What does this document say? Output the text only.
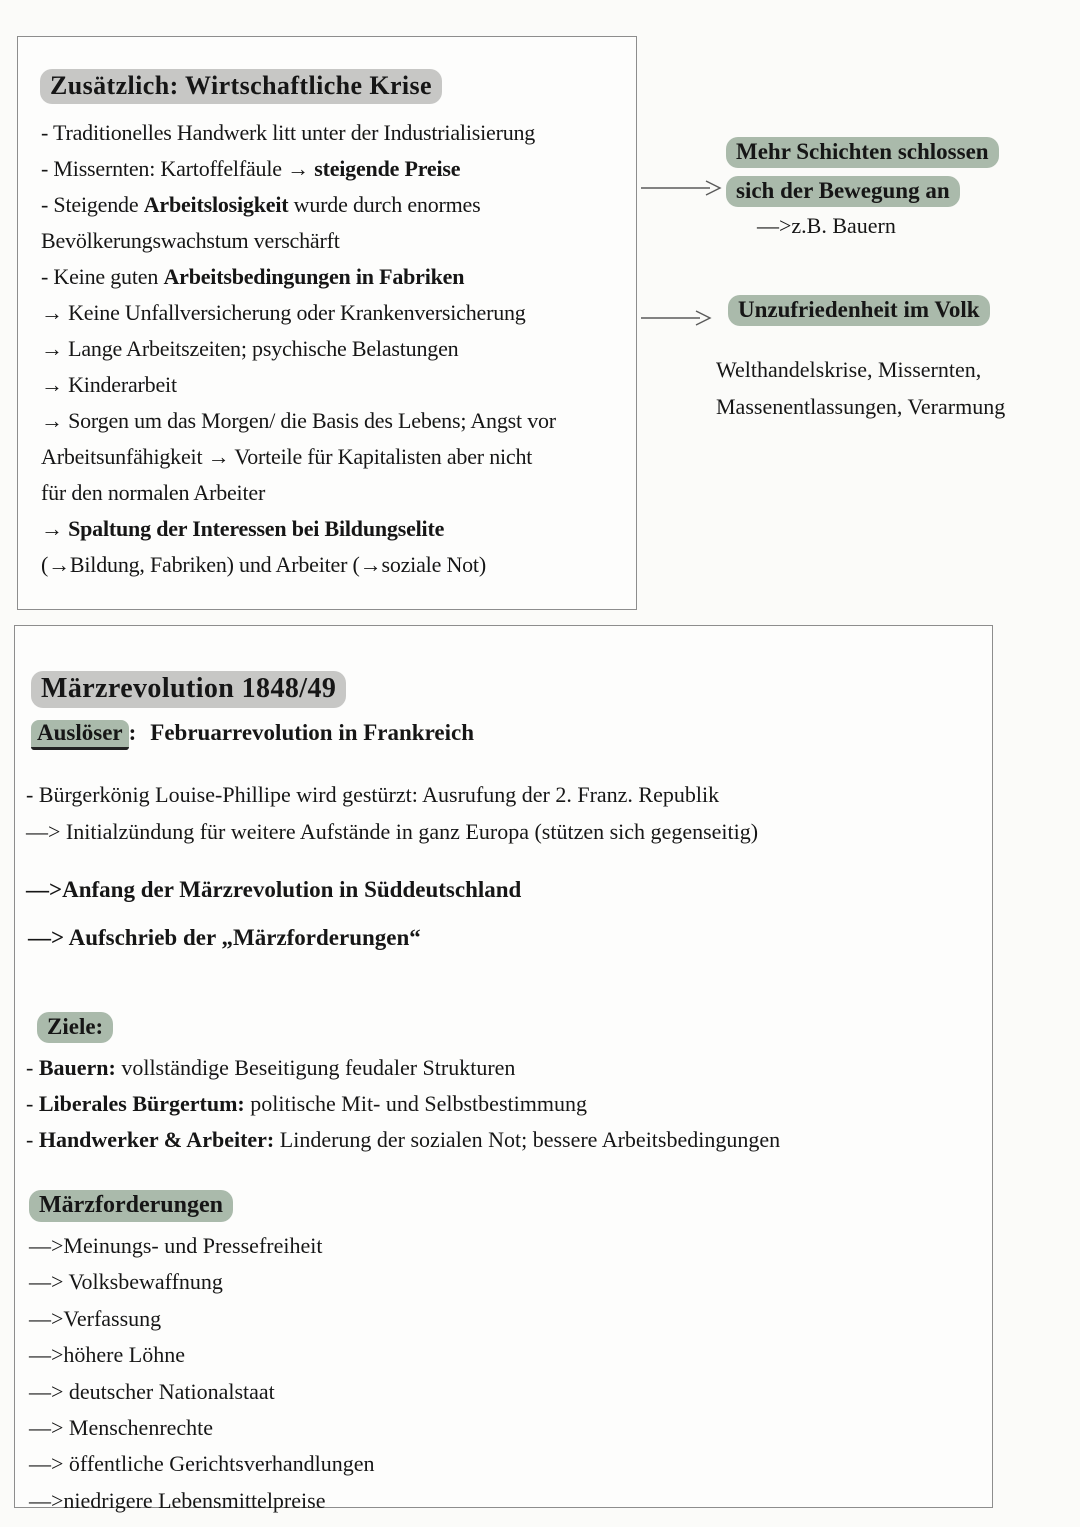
Zusätzlich: Wirtschaftliche Krise
- Traditionelles Handwerk litt unter der Industrialisierung
- Missernten: Kartoffelfäule → steigende Preise
- Steigende Arbeitslosigkeit wurde durch enormes
Bevölkerungswachstum verschärft
- Keine guten Arbeitsbedingungen in Fabriken
→ Keine Unfallversicherung oder Krankenversicherung
→ Lange Arbeitszeiten; psychische Belastungen
→ Kinderarbeit
→ Sorgen um das Morgen/ die Basis des Lebens; Angst vor
Arbeitsunfähigkeit → Vorteile für Kapitalisten aber nicht
für den normalen Arbeiter
→ Spaltung der Interessen bei Bildungselite
(→Bildung, Fabriken) und Arbeiter (→soziale Not)
Mehr Schichten schlossen
sich der Bewegung an
—>z.B. Bauern
Unzufriedenheit im Volk
Welthandelskrise, Missernten,
Massenentlassungen, Verarmung
Märzrevolution 1848/49
Auslöser : Februarrevolution in Frankreich
- Bürgerkönig Louise-Phillipe wird gestürzt: Ausrufung der 2. Franz. Republik
—> Initialzündung für weitere Aufstände in ganz Europa (stützen sich gegenseitig)
—>Anfang der Märzrevolution in Süddeutschland
—> Aufschrieb der „Märzforderungen“
Ziele:
- Bauern: vollständige Beseitigung feudaler Strukturen
- Liberales Bürgertum: politische Mit- und Selbstbestimmung
- Handwerker & Arbeiter: Linderung der sozialen Not; bessere Arbeitsbedingungen
Märzforderungen
—>Meinungs- und Pressefreiheit
—> Volksbewaffnung
—>Verfassung
—>höhere Löhne
—> deutscher Nationalstaat
—> Menschenrechte
—> öffentliche Gerichtsverhandlungen
—>niedrigere Lebensmittelpreise
